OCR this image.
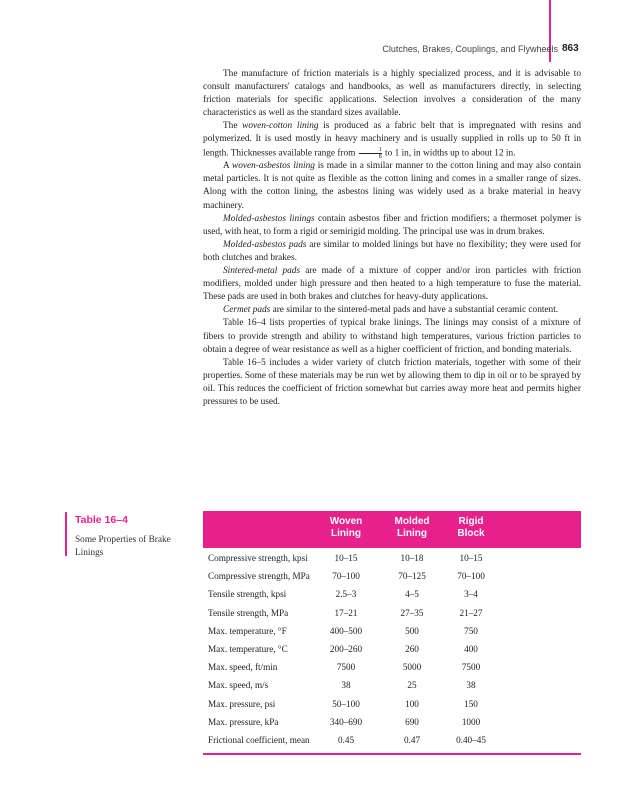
Clutches, Brakes, Couplings, and Flywheels 863

The manufacture of friction materials is a highly specialized process, and it is advisable to consult manufacturers' catalogs and handbooks, as well as manufacturers directly, in selecting friction materials for specific applications. Selection involves a consideration of the many characteristics as well as the standard sizes available.

The woven-cotton lining is produced as a fabric belt that is impregnated with resins and polymerized. It is used mostly in heavy machinery and is usually supplied in rolls up to 50 ft in length. Thicknesses available range from $\frac{1}{8}$ to 1 in, in widths up to about 12 in.

A woven-asbestos lining is made in a similar manner to the cotton lining and may also contain metal particles. It is not quite as flexible as the cotton lining and comes in a smaller range of sizes. Along with the cotton lining, the asbestos lining was widely used as a brake material in heavy machinery.

Molded-asbestos linings contain asbestos fiber and friction modifiers; a thermoset polymer is used, with heat, to form a rigid or semirigid molding. The principal use was in drum brakes.

Molded-asbestos pads are similar to molded linings but have no flexibility; they were used for both clutches and brakes.

Sintered-metal pads are made of a mixture of copper and/or iron particles with friction modifiers, molded under high pressure and then heated to a high temperature to fuse the material. These pads are used in both brakes and clutches for heavy-duty applications.

Cermet pads are similar to the sintered-metal pads and have a substantial ceramic content.

Table 16–4 lists properties of typical brake linings. The linings may consist of a mixture of fibers to provide strength and ability to withstand high temperatures, various friction particles to obtain a degree of wear resistance as well as a higher coefficient of friction, and bonding materials.

Table 16–5 includes a wider variety of clutch friction materials, together with some of their properties. Some of these materials may be run wet by allowing them to dip in oil or to be sprayed by oil. This reduces the coefficient of friction somewhat but carries away more heat and permits higher pressures to be used.

Table 16–4
Some Properties of Brake Linings
Woven
Lining
Molded
Lining
Rigid
Block
Compressive strength, kpsi	10–15	10–18	10–15
Compressive strength, MPa	70–100	70–125	70–100
Tensile strength, kpsi	2.5–3	4–5	3–4
Tensile strength, MPa	17–21	27–35	21–27
Max. temperature, °F	400–500	500	750
Max. temperature, °C	200–260	260	400
Max. speed, ft/min	7500	5000	7500
Max. speed, m/s	38	25	38
Max. pressure, psi	50–100	100	150
Max. pressure, kPa	340–690	690	1000
Frictional coefficient, mean	0.45	0.47	0.40–45
